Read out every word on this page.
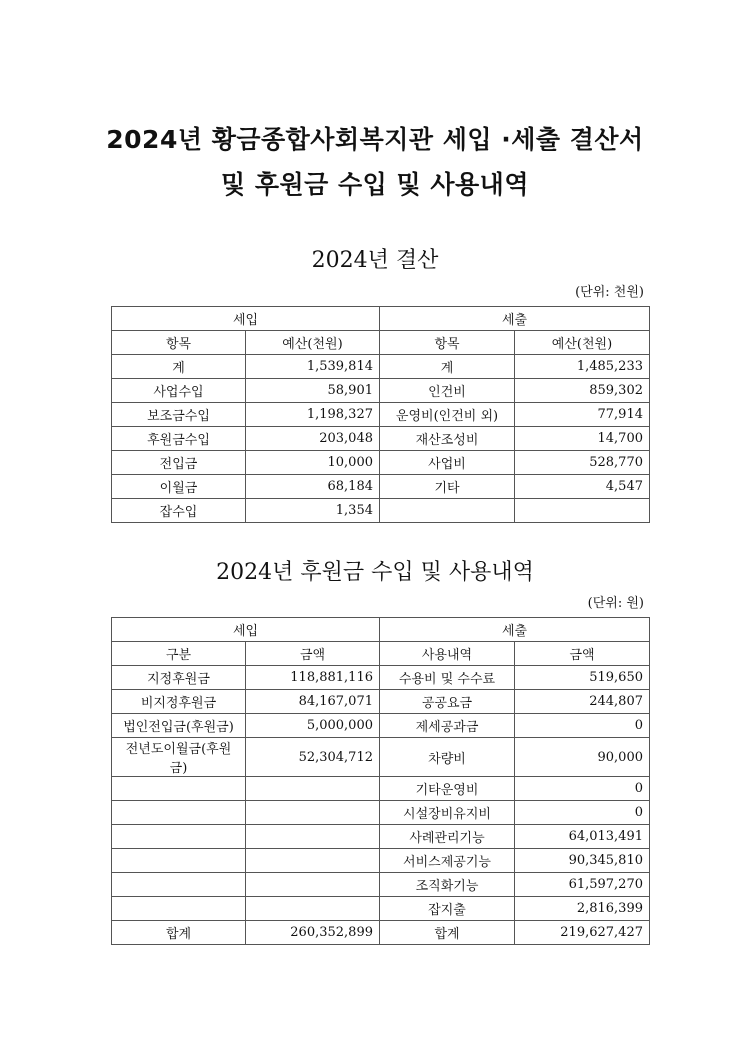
2024년 황금종합사회복지관 세입 ·세출 결산서
및 후원금 수입 및 사용내역
2024년 결산
(단위: 천원)
세입		세출	
항목	예산(천원)	항목	예산(천원)
계	1,539,814	계	1,485,233
사업수입	58,901	인건비	859,302
보조금수입	1,198,327	운영비(인건비 외)	77,914
후원금수입	203,048	재산조성비	14,700
전입금	10,000	사업비	528,770
이월금	68,184	기타	4,547
잡수입	1,354		
2024년 후원금 수입 및 사용내역
(단위: 원)
세입		세출	
구분	금액	사용내역	금액
지정후원금	118,881,116	수용비 및 수수료	519,650
비지정후원금	84,167,071	공공요금	244,807
법인전입금(후원금)	5,000,000	제세공과금	0
전년도이월금(후원금)	52,304,712	차량비	90,000
		기타운영비	0
		시설장비유지비	0
		사례관리기능	64,013,491
		서비스제공기능	90,345,810
		조직화기능	61,597,270
		잡지출	2,816,399
합계	260,352,899	합계	219,627,427
